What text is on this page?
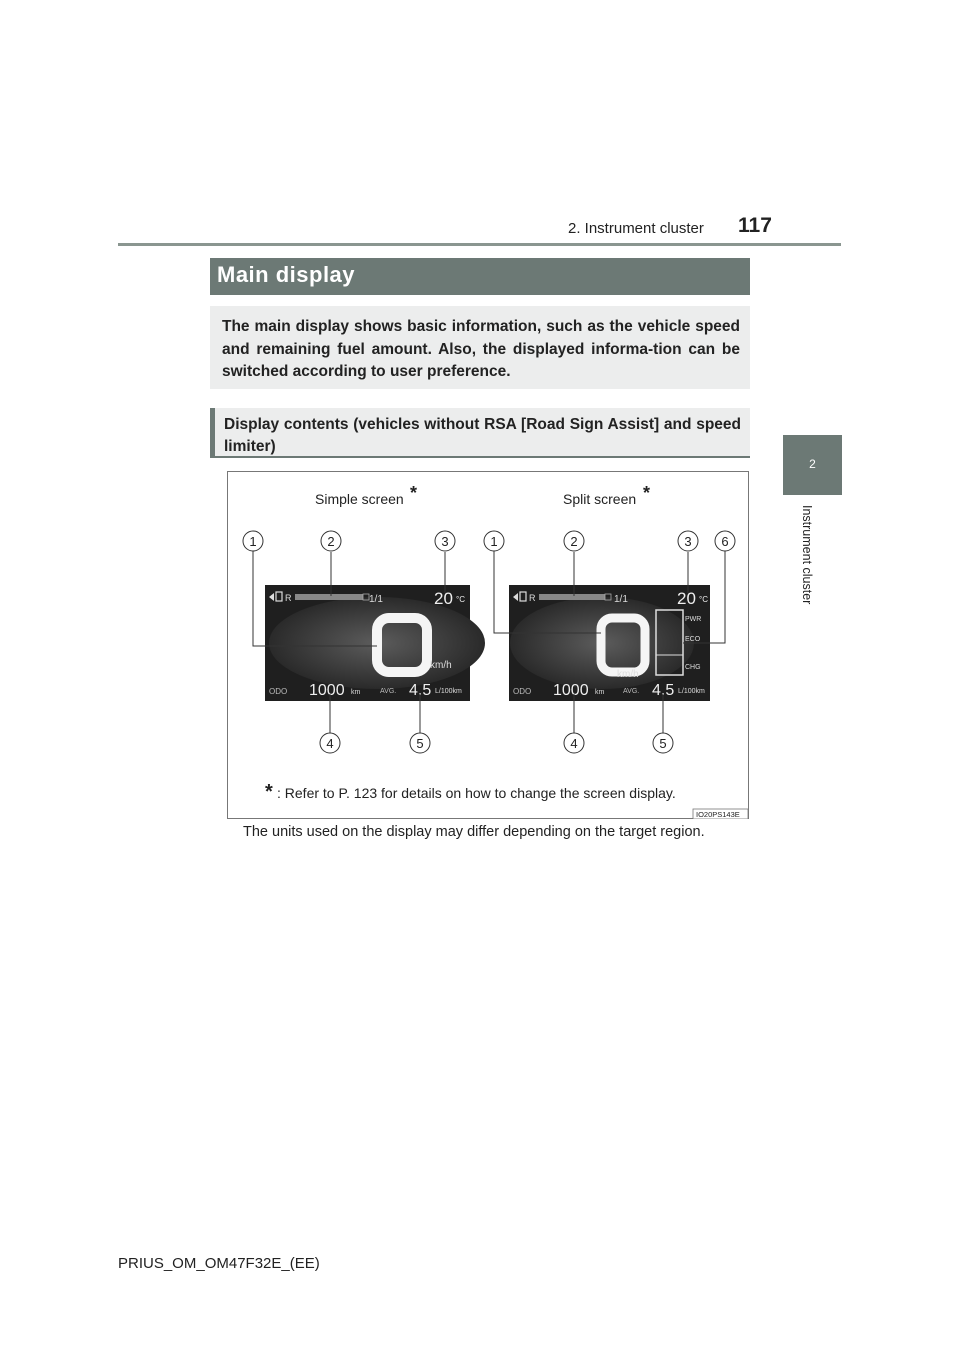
2. Instrument cluster 117
2
Instrument cluster
Main display
The main display shows basic information, such as the vehicle speed and remaining fuel amount. Also, the displayed informa-tion can be switched according to user preference.
Display contents (vehicles without RSA [Road Sign Assist] and speed limiter)
Simple screen *	Split screen *
R	1/1	20 °C
km/h
ODO 1000 km	AVG. 4.5 L/100km
R	1/1	20 °C
km/h
PWR
ECO
CHG
ODO 1000 km	AVG. 4.5 L/100km
1	2	3
4	5
1	2	3 6
4	5
* : Refer to P. 123 for details on how to change the screen display.
IO20PS143E
The units used on the display may differ depending on the target region.
PRIUS_OM_OM47F32E_(EE)
